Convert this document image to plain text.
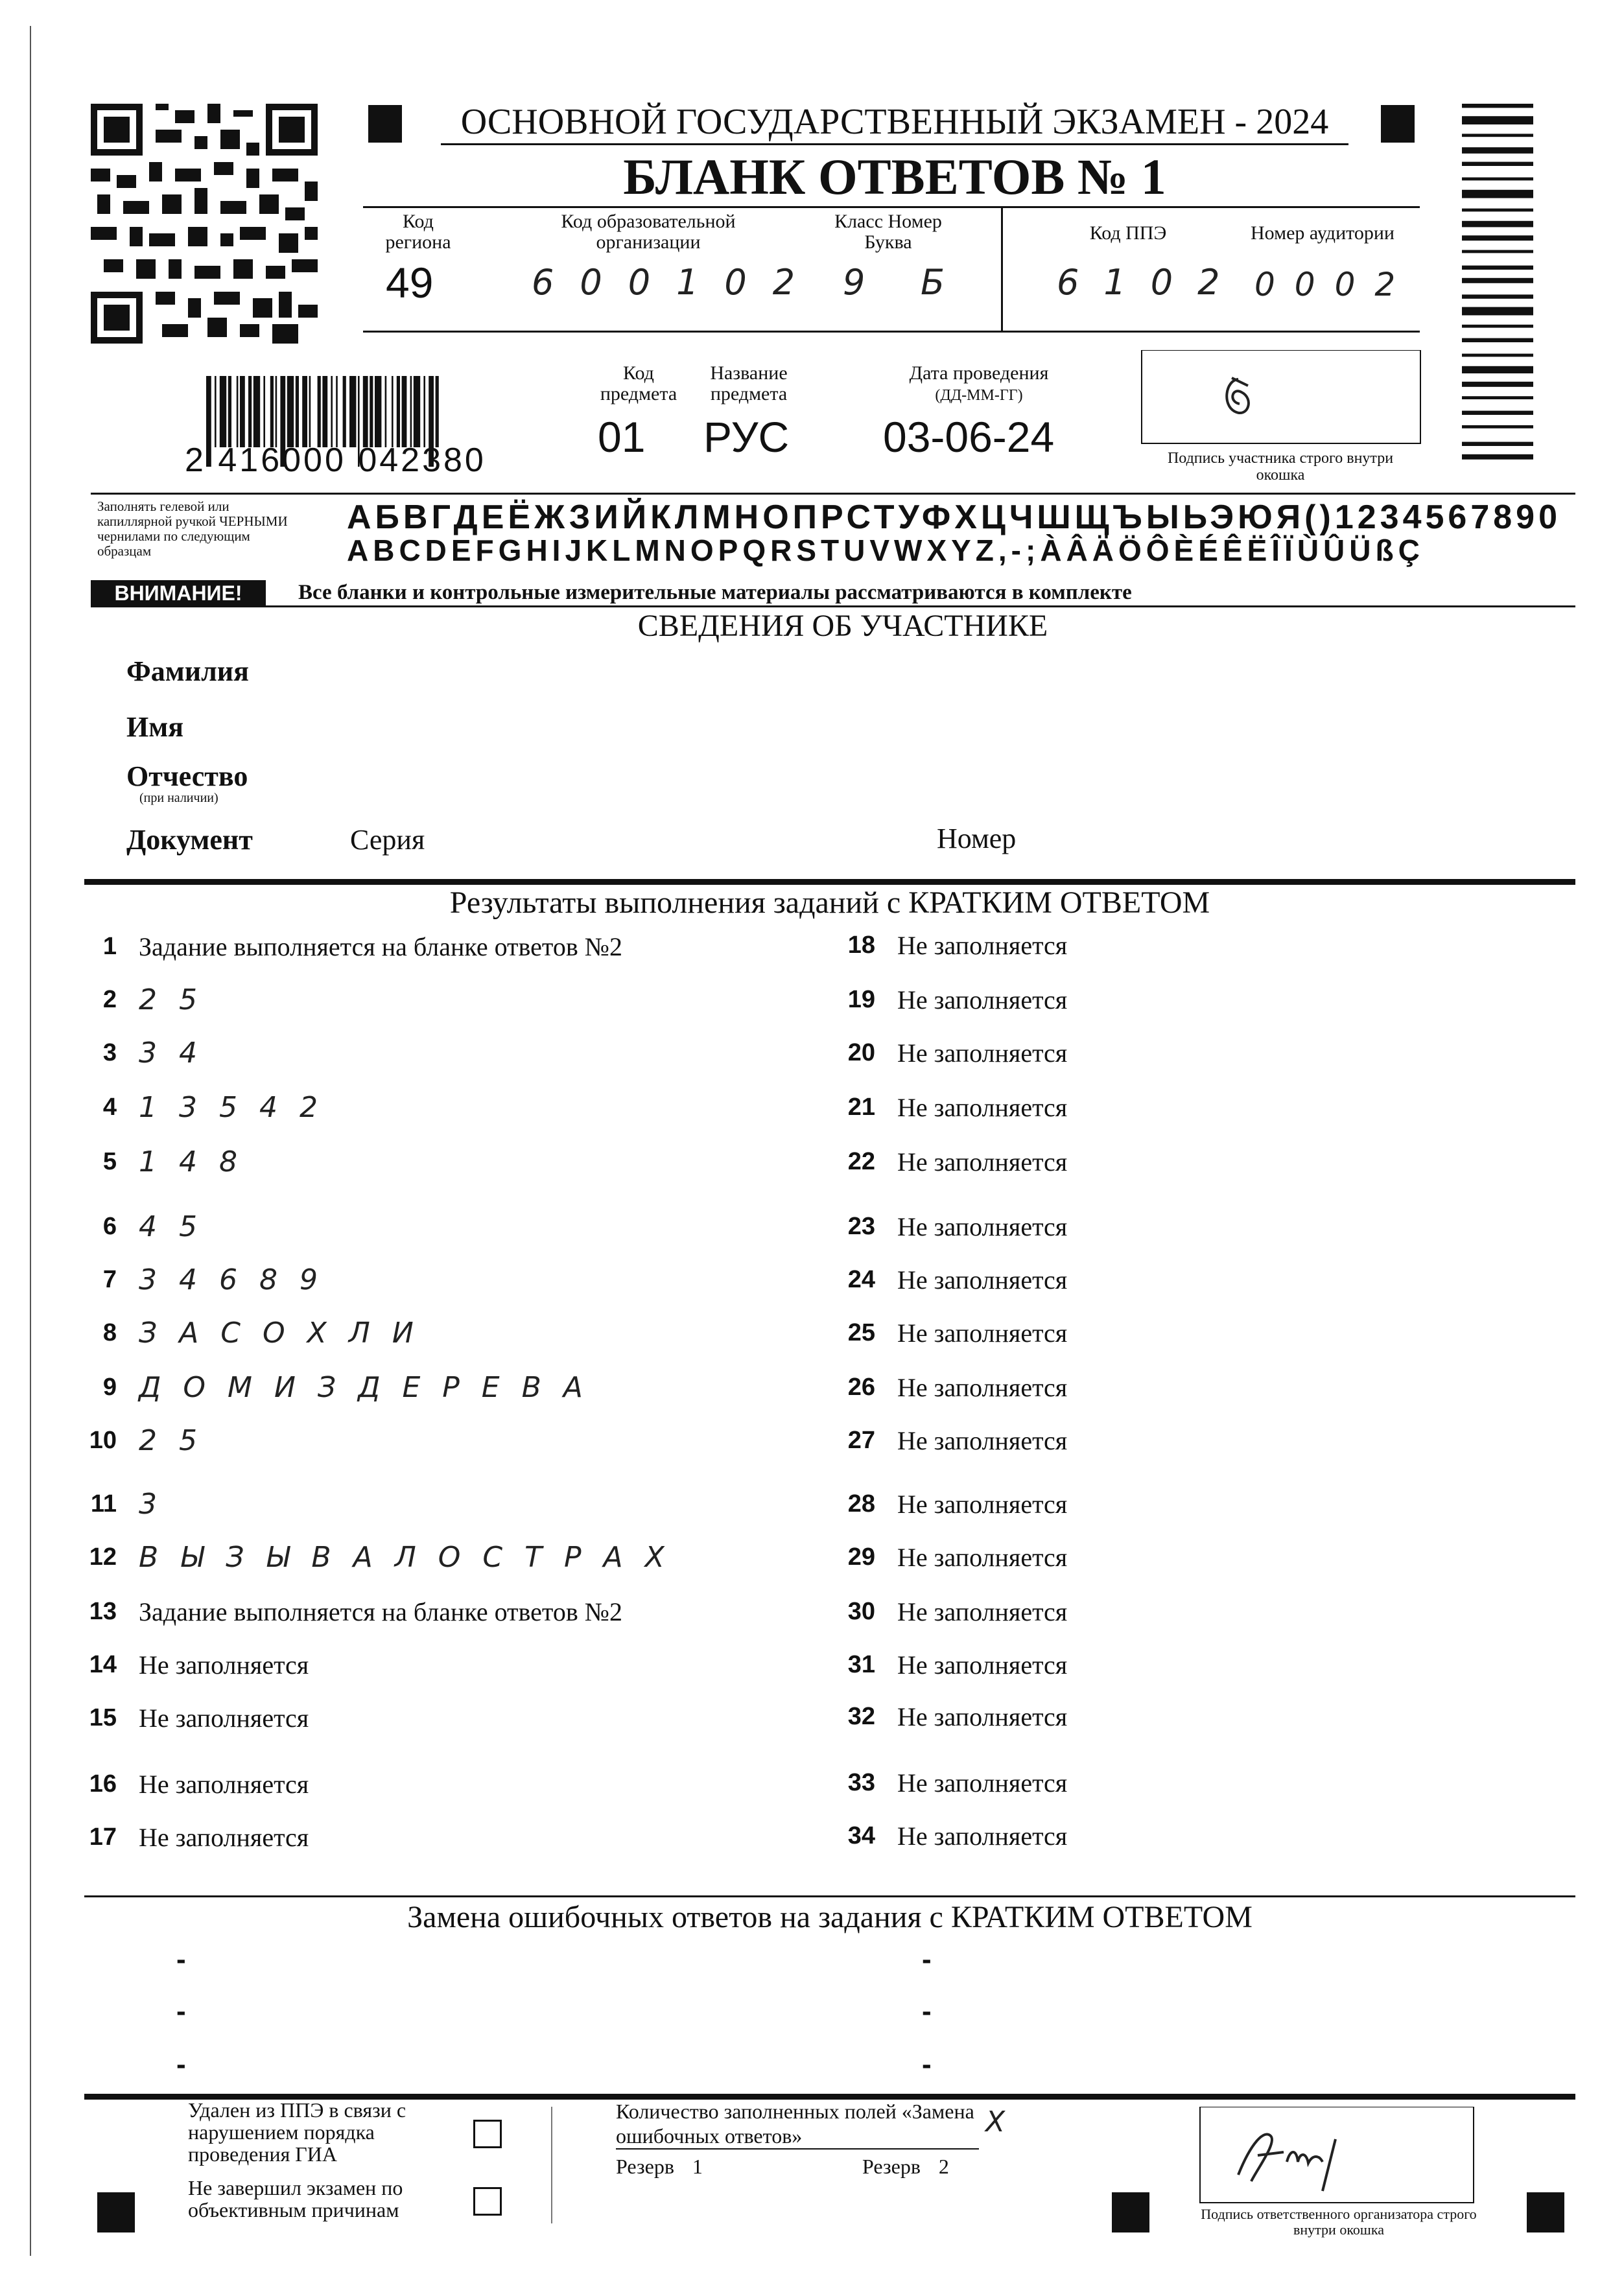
ОСНОВНОЙ ГОСУДАРСТВЕННЫЙ ЭКЗАМЕН - 2024
БЛАНК ОТВЕТОВ № 1
Код региона
49
Код образовательной организации
600102
Класс Номер Буква
9 Б
Код ППЭ
6102
Номер аудитории
0002
2 416000 042380
Код предмета
01
Название предмета
РУС
Дата проведения
(ДД-ММ-ГГ)
03-06-24	Подпись участника строго внутри окошка
Заполнять гелевой или капиллярной ручкой ЧЕРНЫМИ чернилами по следующим образцам
АБВГДЕЁЖЗИЙКЛМНОПРСТУФХЦЧШЩЪЫЬЭЮЯ()1234567890
ABCDEFGHIJKLMNOPQRSTUVWXYZ,-;ÀÂÄÖÔÈÉÊËÎÏÙÛÜßÇ
ВНИМАНИЕ!	Все бланки и контрольные измерительные материалы рассматриваются в комплекте
СВЕДЕНИЯ ОБ УЧАСТНИКЕ
Фамилия
Имя
Отчество
(при наличии)
Документ	Серия	Номер
Результаты выполнения заданий с КРАТКИМ ОТВЕТОМ
1 Задание выполняется на бланке ответов №2
2 25
3 34
4 13542
5 148
6 45
7 34689
8 ЗАСОХЛИ
9 ДОМИЗДЕРЕВА
10 25
11 3
12 ВЫЗЫВАЛОСТРАХ
13 Задание выполняется на бланке ответов №2
14 Не заполняется
15 Не заполняется
16 Не заполняется
17 Не заполняется
18 Не заполняется
19 Не заполняется
20 Не заполняется
21 Не заполняется
22 Не заполняется
23 Не заполняется
24 Не заполняется
25 Не заполняется
26 Не заполняется
27 Не заполняется
28 Не заполняется
29 Не заполняется
30 Не заполняется
31 Не заполняется
32 Не заполняется
33 Не заполняется
34 Не заполняется
Замена ошибочных ответов на задания с КРАТКИМ ОТВЕТОМ
-
-
-
-
-
-
Удален из ППЭ в связи с нарушением порядка проведения ГИА
Не завершил экзамен по объективным причинам
Количество заполненных полей «Замена ошибочных ответов»	Х
Резерв 1	Резерв 2
Подпись ответственного организатора строго внутри окошка
